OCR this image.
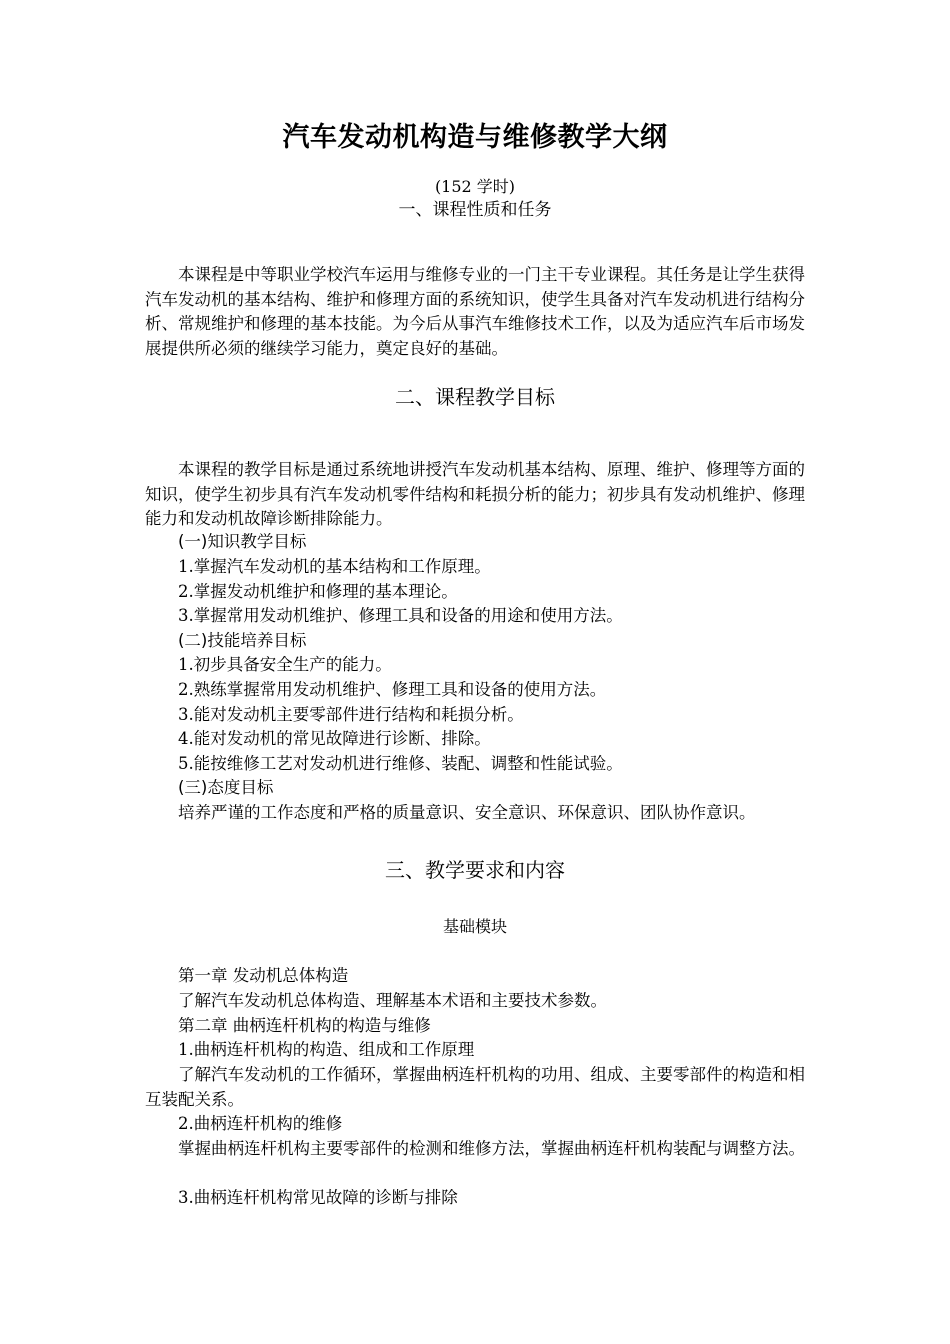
汽车发动机构造与维修教学大纲
(152 学时)
一、课程性质和任务

本课程是中等职业学校汽车运用与维修专业的一门主干专业课程。其任务是让学生获得汽车发动机的基本结构、维护和修理方面的系统知识，使学生具备对汽车发动机进行结构分析、常规维护和修理的基本技能。为今后从事汽车维修技术工作，以及为适应汽车后市场发展提供所必须的继续学习能力，奠定良好的基础。

二、课程教学目标

本课程的教学目标是通过系统地讲授汽车发动机基本结构、原理、维护、修理等方面的知识，使学生初步具有汽车发动机零件结构和耗损分析的能力；初步具有发动机维护、修理能力和发动机故障诊断排除能力。

(一)知识教学目标
1.掌握汽车发动机的基本结构和工作原理。
2.掌握发动机维护和修理的基本理论。
3.掌握常用发动机维护、修理工具和设备的用途和使用方法。
(二)技能培养目标
1.初步具备安全生产的能力。
2.熟练掌握常用发动机维护、修理工具和设备的使用方法。
3.能对发动机主要零部件进行结构和耗损分析。
4.能对发动机的常见故障进行诊断、排除。
5.能按维修工艺对发动机进行维修、装配、调整和性能试验。
(三)态度目标

培养严谨的工作态度和严格的质量意识、安全意识、环保意识、团队协作意识。

三、教学要求和内容
基础模块
第一章 发动机总体构造
了解汽车发动机总体构造、理解基本术语和主要技术参数。
第二章 曲柄连杆机构的构造与维修
1.曲柄连杆机构的构造、组成和工作原理

了解汽车发动机的工作循环，掌握曲柄连杆机构的功用、组成、主要零部件的构造和相互装配关系。

2.曲柄连杆机构的维修

掌握曲柄连杆机构主要零部件的检测和维修方法，掌握曲柄连杆机构装配与调整方法。

3.曲柄连杆机构常见故障的诊断与排除
